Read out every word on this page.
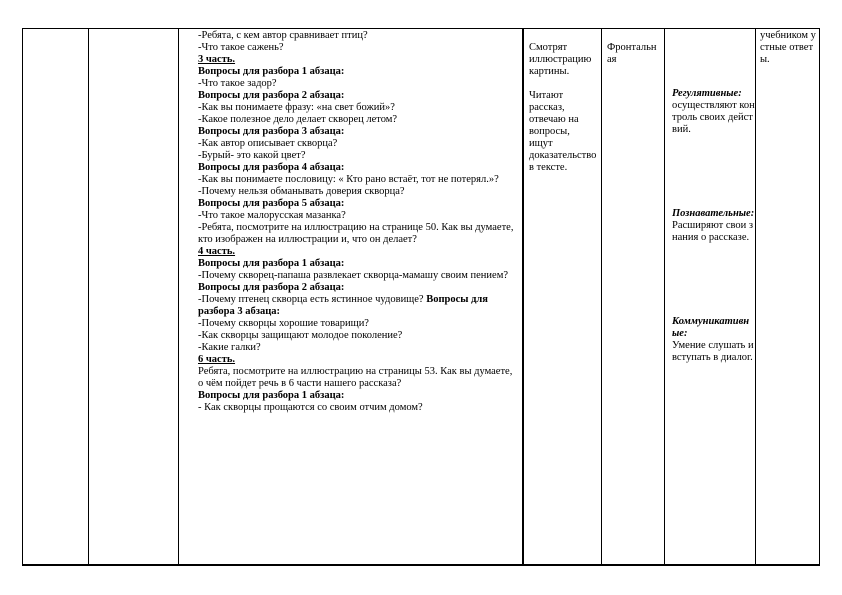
-Ребята, с кем автор сравнивает птиц?

-Что такое сажень?

3 часть.

Вопросы для разбора 1 абзаца:

-Что такое задор?

Вопросы для разбора 2 абзаца:

-Как вы понимаете фразу: «на свет божий»?

-Какое полезное дело делает скворец летом?

Вопросы для разбора 3 абзаца:

-Как автор описывает скворца?

-Бурый- это какой цвет?

Вопросы для разбора 4 абзаца:

-Как вы понимаете пословицу: « Кто рано встаёт, тот не потерял.»?

-Почему нельзя обманывать доверия скворца?

Вопросы для разбора 5 абзаца:

-Что такое малорусская мазанка?

-Ребята, посмотрите на иллюстрацию на странице 50. Как вы думаете, кто изображен на иллюстрации и, что он делает?

4 часть.

Вопросы для разбора 1 абзаца:

-Почему скворец-папаша развлекает скворца-мамашу своим пением?

Вопросы для разбора 2 абзаца:

-Почему птенец скворца есть ястинное чудовище? Вопросы для разбора 3 абзаца:

-Почему скворцы хорошие товарищи?

-Как скворцы защищают молодое поколение?

-Какие галки?

6 часть.

Ребята, посмотрите на иллюстрацию на страницы 53. Как вы думаете, о чём пойдет речь в 6 части нашего рассказа?

Вопросы для разбора 1 абзаца:

- Как скворцы прощаются со своим отчим домом?

Смотрят иллюстрацию картины.

Читают рассказ, отвечаю на вопросы, ищут доказательство в тексте.

Фронтальная

Регулятивные:

осуществляют контроль своих действий.

Познавательные:

Расширяют свои знания о рассказе.

Коммуникативные:

Умение слушать и вступать в диалог.

учебником устные ответы.
